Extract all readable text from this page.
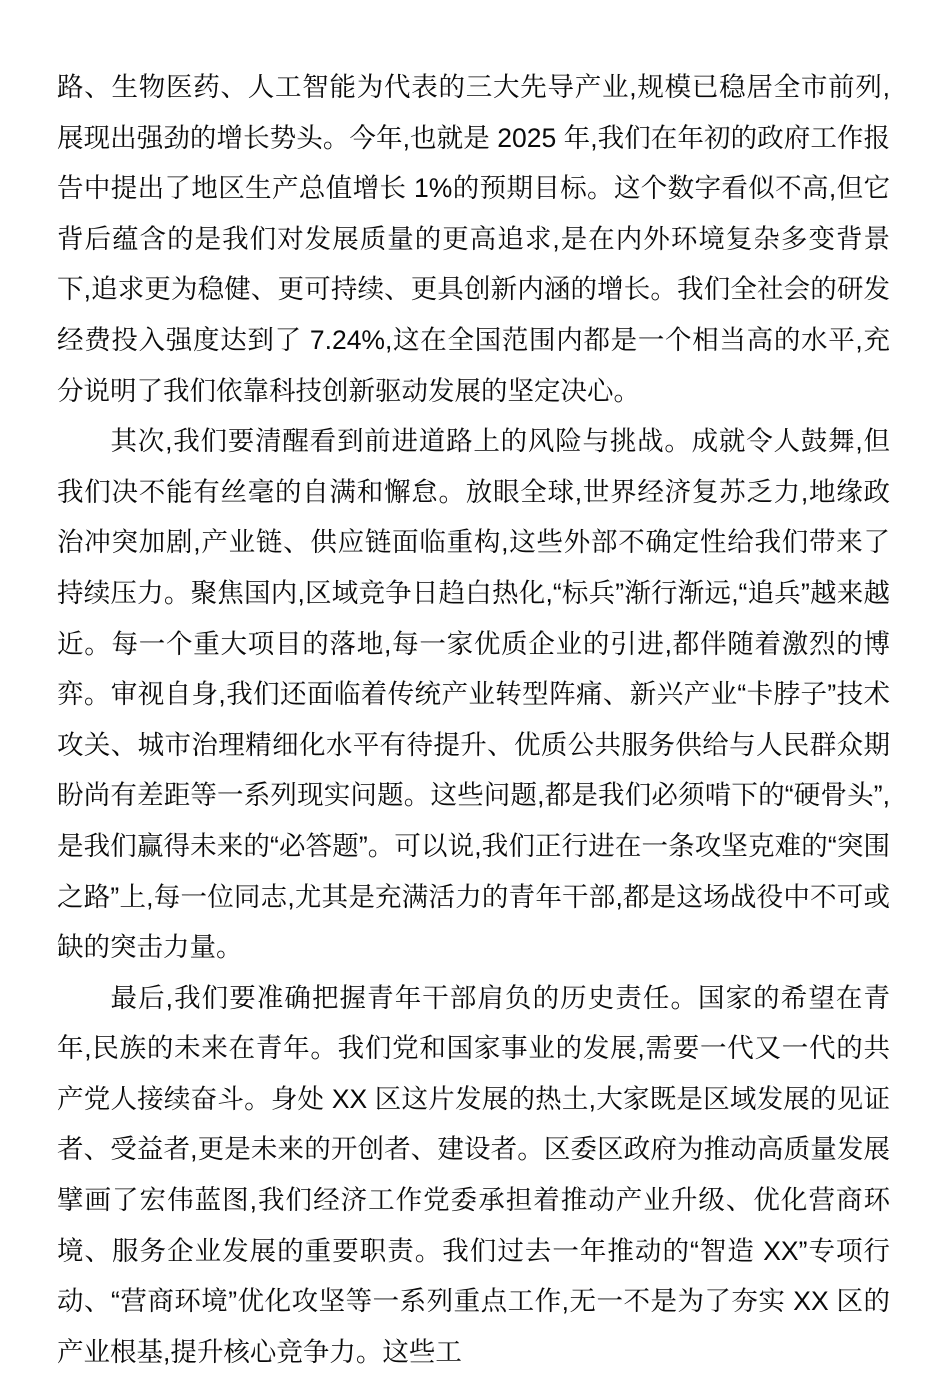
路、生物医药、人工智能为代表的三大先导产业,规模已稳居全市前列,展现出强劲的增长势头。今年,也就是 2025 年,我们在年初的政府工作报告中提出了地区生产总值增长 1%的预期目标。这个数字看似不高,但它背后蕴含的是我们对发展质量的更高追求,是在内外环境复杂多变背景下,追求更为稳健、更可持续、更具创新内涵的增长。我们全社会的研发经费投入强度达到了 7.24%,这在全国范围内都是一个相当高的水平,充分说明了我们依靠科技创新驱动发展的坚定决心。

其次,我们要清醒看到前进道路上的风险与挑战。成就令人鼓舞,但我们决不能有丝毫的自满和懈怠。放眼全球,世界经济复苏乏力,地缘政治冲突加剧,产业链、供应链面临重构,这些外部不确定性给我们带来了持续压力。聚焦国内,区域竞争日趋白热化,“标兵”渐行渐远,“追兵”越来越近。每一个重大项目的落地,每一家优质企业的引进,都伴随着激烈的博弈。审视自身,我们还面临着传统产业转型阵痛、新兴产业“卡脖子”技术攻关、城市治理精细化水平有待提升、优质公共服务供给与人民群众期盼尚有差距等一系列现实问题。这些问题,都是我们必须啃下的“硬骨头”,是我们赢得未来的“必答题”。可以说,我们正行进在一条攻坚克难的“突围之路”上,每一位同志,尤其是充满活力的青年干部,都是这场战役中不可或缺的突击力量。

最后,我们要准确把握青年干部肩负的历史责任。国家的希望在青年,民族的未来在青年。我们党和国家事业的发展,需要一代又一代的共产党人接续奋斗。身处 XX 区这片发展的热土,大家既是区域发展的见证者、受益者,更是未来的开创者、建设者。区委区政府为推动高质量发展擘画了宏伟蓝图,我们经济工作党委承担着推动产业升级、优化营商环境、服务企业发展的重要职责。我们过去一年推动的“智造 XX”专项行动、“营商环境”优化攻坚等一系列重点工作,无一不是为了夯实 XX 区的产业根基,提升核心竞争力。这些工
